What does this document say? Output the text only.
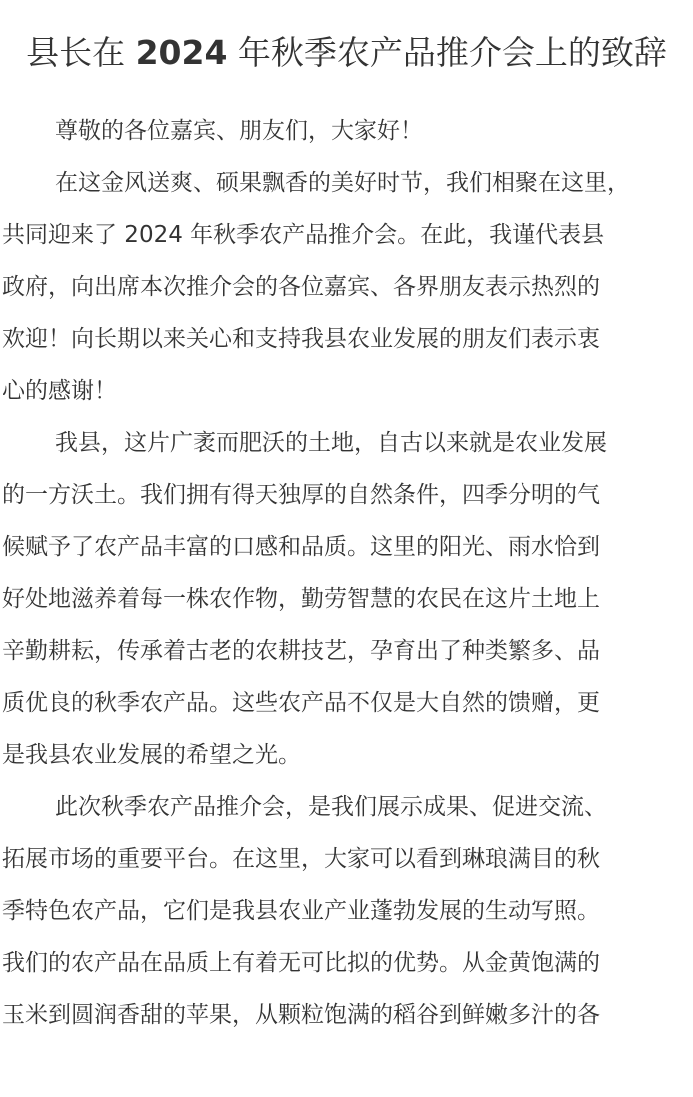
县长在 2024 年秋季农产品推介会上的致辞

尊敬的各位嘉宾、朋友们，大家好！

在这金风送爽、硕果飘香的美好时节，我们相聚在这里，
共同迎来了 2024 年秋季农产品推介会。在此，我谨代表县
政府，向出席本次推介会的各位嘉宾、各界朋友表示热烈的
欢迎！向长期以来关心和支持我县农业发展的朋友们表示衷
心的感谢！

我县，这片广袤而肥沃的土地，自古以来就是农业发展
的一方沃土。我们拥有得天独厚的自然条件，四季分明的气
候赋予了农产品丰富的口感和品质。这里的阳光、雨水恰到
好处地滋养着每一株农作物，勤劳智慧的农民在这片土地上
辛勤耕耘，传承着古老的农耕技艺，孕育出了种类繁多、品
质优良的秋季农产品。这些农产品不仅是大自然的馈赠，更
是我县农业发展的希望之光。

此次秋季农产品推介会，是我们展示成果、促进交流、
拓展市场的重要平台。在这里，大家可以看到琳琅满目的秋
季特色农产品，它们是我县农业产业蓬勃发展的生动写照。
我们的农产品在品质上有着无可比拟的优势。从金黄饱满的
玉米到圆润香甜的苹果，从颗粒饱满的稻谷到鲜嫩多汁的各
